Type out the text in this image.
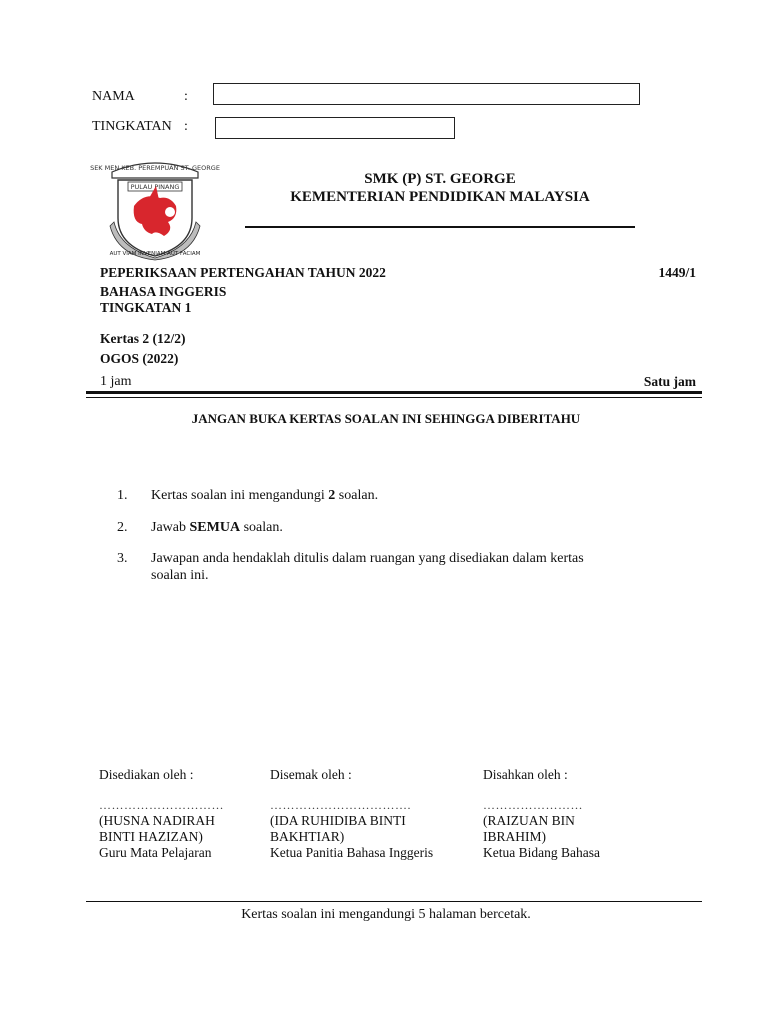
NAMA	:
TINGKATAN :
SEK MEN KEB. PEREMPUAN ST. GEORGE
PULAU PINANG
AUT VIAM INVENIAM AUT FACIAM
SMK (P) ST. GEORGE
KEMENTERIAN PENDIDIKAN MALAYSIA
PEPERIKSAAN PERTENGAHAN TAHUN 2022	1449/1
BAHASA INGGERIS
TINGKATAN 1
Kertas 2 (12/2)
OGOS (2022)
1 jam	Satu jam
JANGAN BUKA KERTAS SOALAN INI SEHINGGA DIBERITAHU
1. Kertas soalan ini mengandungi 2 soalan.
2. Jawab SEMUA soalan.
3. Jawapan anda hendaklah ditulis dalam ruangan yang disediakan dalam kertas
soalan ini.
Disediakan oleh :
…………………………
(HUSNA NADIRAH
BINTI HAZIZAN)
Guru Mata Pelajaran
Disemak oleh :
…………………………….
(IDA RUHIDIBA BINTI
BAKHTIAR)
Ketua Panitia Bahasa Inggeris
Disahkan oleh :
……………………
(RAIZUAN BIN
IBRAHIM)
Ketua Bidang Bahasa
Kertas soalan ini mengandungi 5 halaman bercetak.
